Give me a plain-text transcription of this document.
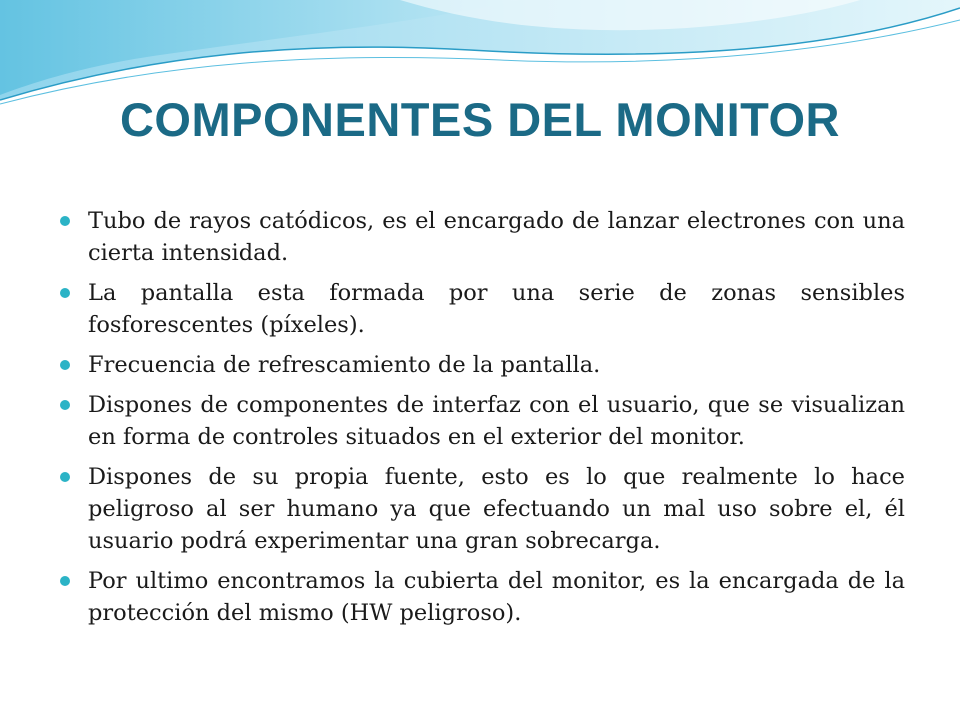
COMPONENTES DEL MONITOR
Tubo de rayos catódicos, es el encargado de lanzar electrones con una cierta intensidad.
La pantalla esta formada por una serie de zonas sensibles fosforescentes (píxeles).
Frecuencia de refrescamiento de la pantalla.
Dispones de componentes de interfaz con el usuario, que se visualizan en forma de controles situados en el exterior del monitor.
Dispones de su propia fuente, esto es lo que realmente lo hace peligroso al ser humano ya que efectuando un mal uso sobre el, él usuario podrá experimentar una gran sobrecarga.
Por ultimo encontramos la cubierta del monitor, es la encargada de la protección del mismo (HW peligroso).
